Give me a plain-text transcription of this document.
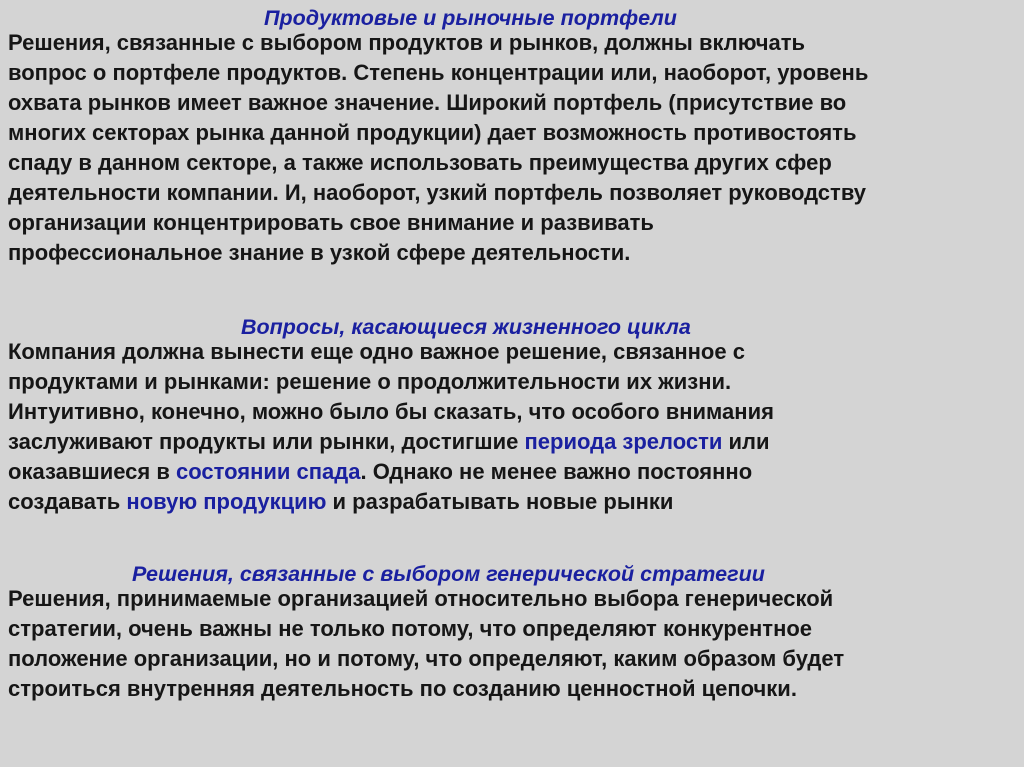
Продуктовые и рыночные портфели
Решения, связанные с выбором продуктов и рынков, должны включать
вопрос о портфеле продуктов. Степень концентрации или, наоборот, уровень
охвата рынков имеет важное значение. Широкий портфель (присутствие во
многих секторах рынка данной продукции) дает возможность противостоять
спаду в данном секторе, а также использовать преимущества других сфер
деятельности компании. И, наоборот, узкий портфель позволяет руководству
организации концентрировать свое внимание и развивать
профессиональное знание в узкой сфере деятельности.
Вопросы, касающиеся жизненного цикла
Компания должна вынести еще одно важное решение, связанное с
продуктами и рынками: решение о продолжительности их жизни.
Интуитивно, конечно, можно было бы сказать, что особого внимания
заслуживают продукты или рынки, достигшие периода зрелости или
оказавшиеся в состоянии спада. Однако не менее важно постоянно
создавать новую продукцию и разрабатывать новые рынки
Решения, связанные с выбором генерической стратегии
Решения, принимаемые организацией относительно выбора генерической
стратегии, очень важны не только потому, что определяют конкурентное
положение организации, но и потому, что определяют, каким образом будет
строиться внутренняя деятельность по созданию ценностной цепочки.
